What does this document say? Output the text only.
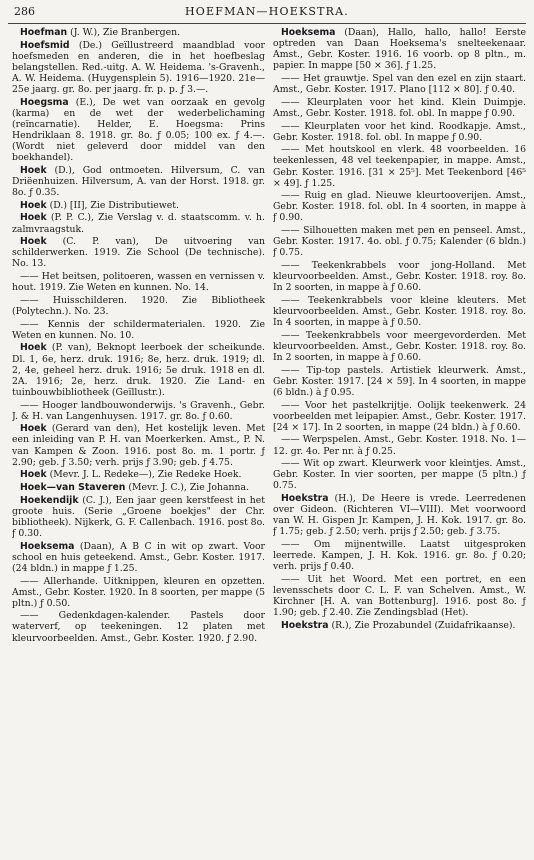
286	HOEFMAN—HOEKSTRA.

Hoefman (J. W.), Zie Branbergen.

Hoefsmid (De.) Geïllustreerd maandblad voor hoefsmeden en anderen, die in het hoefbeslag belangstellen. Red.-uitg. A. W. Heidema. 's-Gravenh., A. W. Heidema. (Huygensplein 5). 1916—1920. 21e—25e jaarg. gr. 8o. per jaarg. fr. p. p. ƒ 3.—.

Hoegsma (E.), De wet van oorzaak en gevolg (karma) en de wet der wederbelichaming (reïncarnatie). Helder, E. Hoegsma: Prins Hendriklaan 8. 1918. gr. 8o. ƒ 0.05; 100 ex. ƒ 4.—. (Wordt niet geleverd door middel van den boekhandel).

Hoek (D.), God ontmoeten. Hilversum, C. van Driëenhuizen. Hilversum, A. van der Horst. 1918. gr. 8o. ƒ 0.35.

Hoek (D.) [II], Zie Distributiewet.

Hoek (P. P. C.), Zie Verslag v. d. staatscomm. v. h. zalmvraagstuk.

Hoek (C. P. van), De uitvoering van schilderwerken. 1919. Zie School (De technische). No. 13.

—— Het beitsen, politoeren, wassen en vernissen v. hout. 1919. Zie Weten en kunnen. No. 14.

—— Huisschilderen. 1920. Zie Bibliotheek (Polytechn.). No. 23.

—— Kennis der schildermaterialen. 1920. Zie Weten en kunnen. No. 10.

Hoek (P. van), Beknopt leerboek der scheikunde. Dl. 1, 6e, herz. druk. 1916; 8e, herz. druk. 1919; dl. 2, 4e, geheel herz. druk. 1916; 5e druk. 1918 en dl. 2A. 1916; 2e, herz. druk. 1920. Zie Land- en tuinbouwbibliotheek (Geïllustr.).

—— Hooger landbouwonderwijs. 's Gravenh., Gebr. J. & H. van Langenhuysen. 1917. gr. 8o. ƒ 0.60.

Hoek (Gerard van den), Het kostelijk leven. Met een inleiding van P. H. van Moerkerken. Amst., P. N. van Kampen & Zoon. 1916. post 8o. m. 1 portr. ƒ 2.90; geb. ƒ 3.50; verh. prijs ƒ 3.90; geb. ƒ 4.75.

Hoek (Mevr. J. L. Redeke—), Zie Redeke Hoek.

Hoek—van Staveren (Mevr. J. C.), Zie Johanna.

Hoekendijk (C. J.), Een jaar geen kerstfeest in het groote huis. (Serie „Groene boekjes" der Chr. bibliotheek). Nijkerk, G. F. Callenbach. 1916. post 8o. ƒ 0.30.

Hoeksema (Daan), A B C in wit op zwart. Voor school en huis geteekend. Amst., Gebr. Koster. 1917. (24 bldn.) in mappe ƒ 1.25.

—— Allerhande. Uitknippen, kleuren en opzetten. Amst., Gebr. Koster. 1920. In 8 soorten, per mappe (5 pltn.) ƒ 0.50.

—— Gedenkdagen-kalender. Pastels door waterverf, op teekeningen. 12 platen met kleurvoorbeelden. Amst., Gebr. Koster. 1920. ƒ 2.90.

Hoeksema (Daan), Hallo, hallo, hallo! Eerste optreden van Daan Hoeksema's snelteekenaar. Amst., Gebr. Koster. 1916. 16 voorb. op 8 pltn., m. papier. In mappe [50 × 36]. ƒ 1.25.

—— Het grauwtje. Spel van den ezel en zijn staart. Amst., Gebr. Koster. 1917. Plano [112 × 80]. ƒ 0.40.

—— Kleurplaten voor het kind. Klein Duimpje. Amst., Gebr. Koster. 1918. fol. obl. In mappe ƒ 0.90.

—— Kleurplaten voor het kind. Roodkapje. Amst., Gebr. Koster. 1918. fol. obl. In mappe ƒ 0.90.

—— Met houtskool en vlerk. 48 voorbeelden. 16 teekenlessen, 48 vel teekenpapier, in mappe. Amst., Gebr. Koster. 1916. [31 × 25⁵]. Met Teekenbord [46⁵ × 49]. ƒ 1.25.

—— Ruig en glad. Nieuwe kleurtooverijen. Amst., Gebr. Koster. 1918. fol. obl. In 4 soorten, in mappe à ƒ 0.90.

—— Silhouetten maken met pen en penseel. Amst., Gebr. Koster. 1917. 4o. obl. ƒ 0.75; Kalender (6 bldn.) ƒ 0.75.

—— Teekenkrabbels voor jong-Holland. Met kleurvoorbeelden. Amst., Gebr. Koster. 1918. roy. 8o. In 2 soorten, in mappe à ƒ 0.60.

—— Teekenkrabbels voor kleine kleuters. Met kleurvoorbeelden. Amst., Gebr. Koster. 1918. roy. 8o. In 4 soorten, in mappe à ƒ 0.50.

—— Teekenkrabbels voor meergevorderden. Met kleurvoorbeelden. Amst., Gebr. Koster. 1918. roy. 8o. In 2 soorten, in mappe à ƒ 0.60.

—— Tip-top pastels. Artistiek kleurwerk. Amst., Gebr. Koster. 1917. [24 × 59]. In 4 soorten, in mappe (6 bldn.) à ƒ 0.95.

—— Voor het pastelkrijtje. Oolijk teekenwerk. 24 voorbeelden met leipapier. Amst., Gebr. Koster. 1917. [24 × 17]. In 2 soorten, in mappe (24 bldn.) à ƒ 0.60.

—— Werpspelen. Amst., Gebr. Koster. 1918. No. 1—12. gr. 4o. Per nr. à ƒ 0.25.

—— Wit op zwart. Kleurwerk voor kleintjes. Amst., Gebr. Koster. In vier soorten, per mappe (5 pltn.) ƒ 0.75.

Hoekstra (H.), De Heere is vrede. Leerredenen over Gideon. (Richteren VI—VIII). Met voorwoord van W. H. Gispen Jr. Kampen, J. H. Kok. 1917. gr. 8o. ƒ 1.75; geb. ƒ 2.50; verh. prijs ƒ 2.50; geb. ƒ 3.75.

—— Om mijnentwille. Laatst uitgesproken leerrede. Kampen, J. H. Kok. 1916. gr. 8o. ƒ 0.20; verh. prijs ƒ 0.40.

—— Uit het Woord. Met een portret, en een levensschets door C. L. F. van Schelven. Amst., W. Kirchner [H. A. van Bottenburg]. 1916. post 8o. ƒ 1.90; geb. ƒ 2.40. Zie Zendingsblad (Het).

Hoekstra (R.), Zie Prozabundel (Zuidafrikaanse).
